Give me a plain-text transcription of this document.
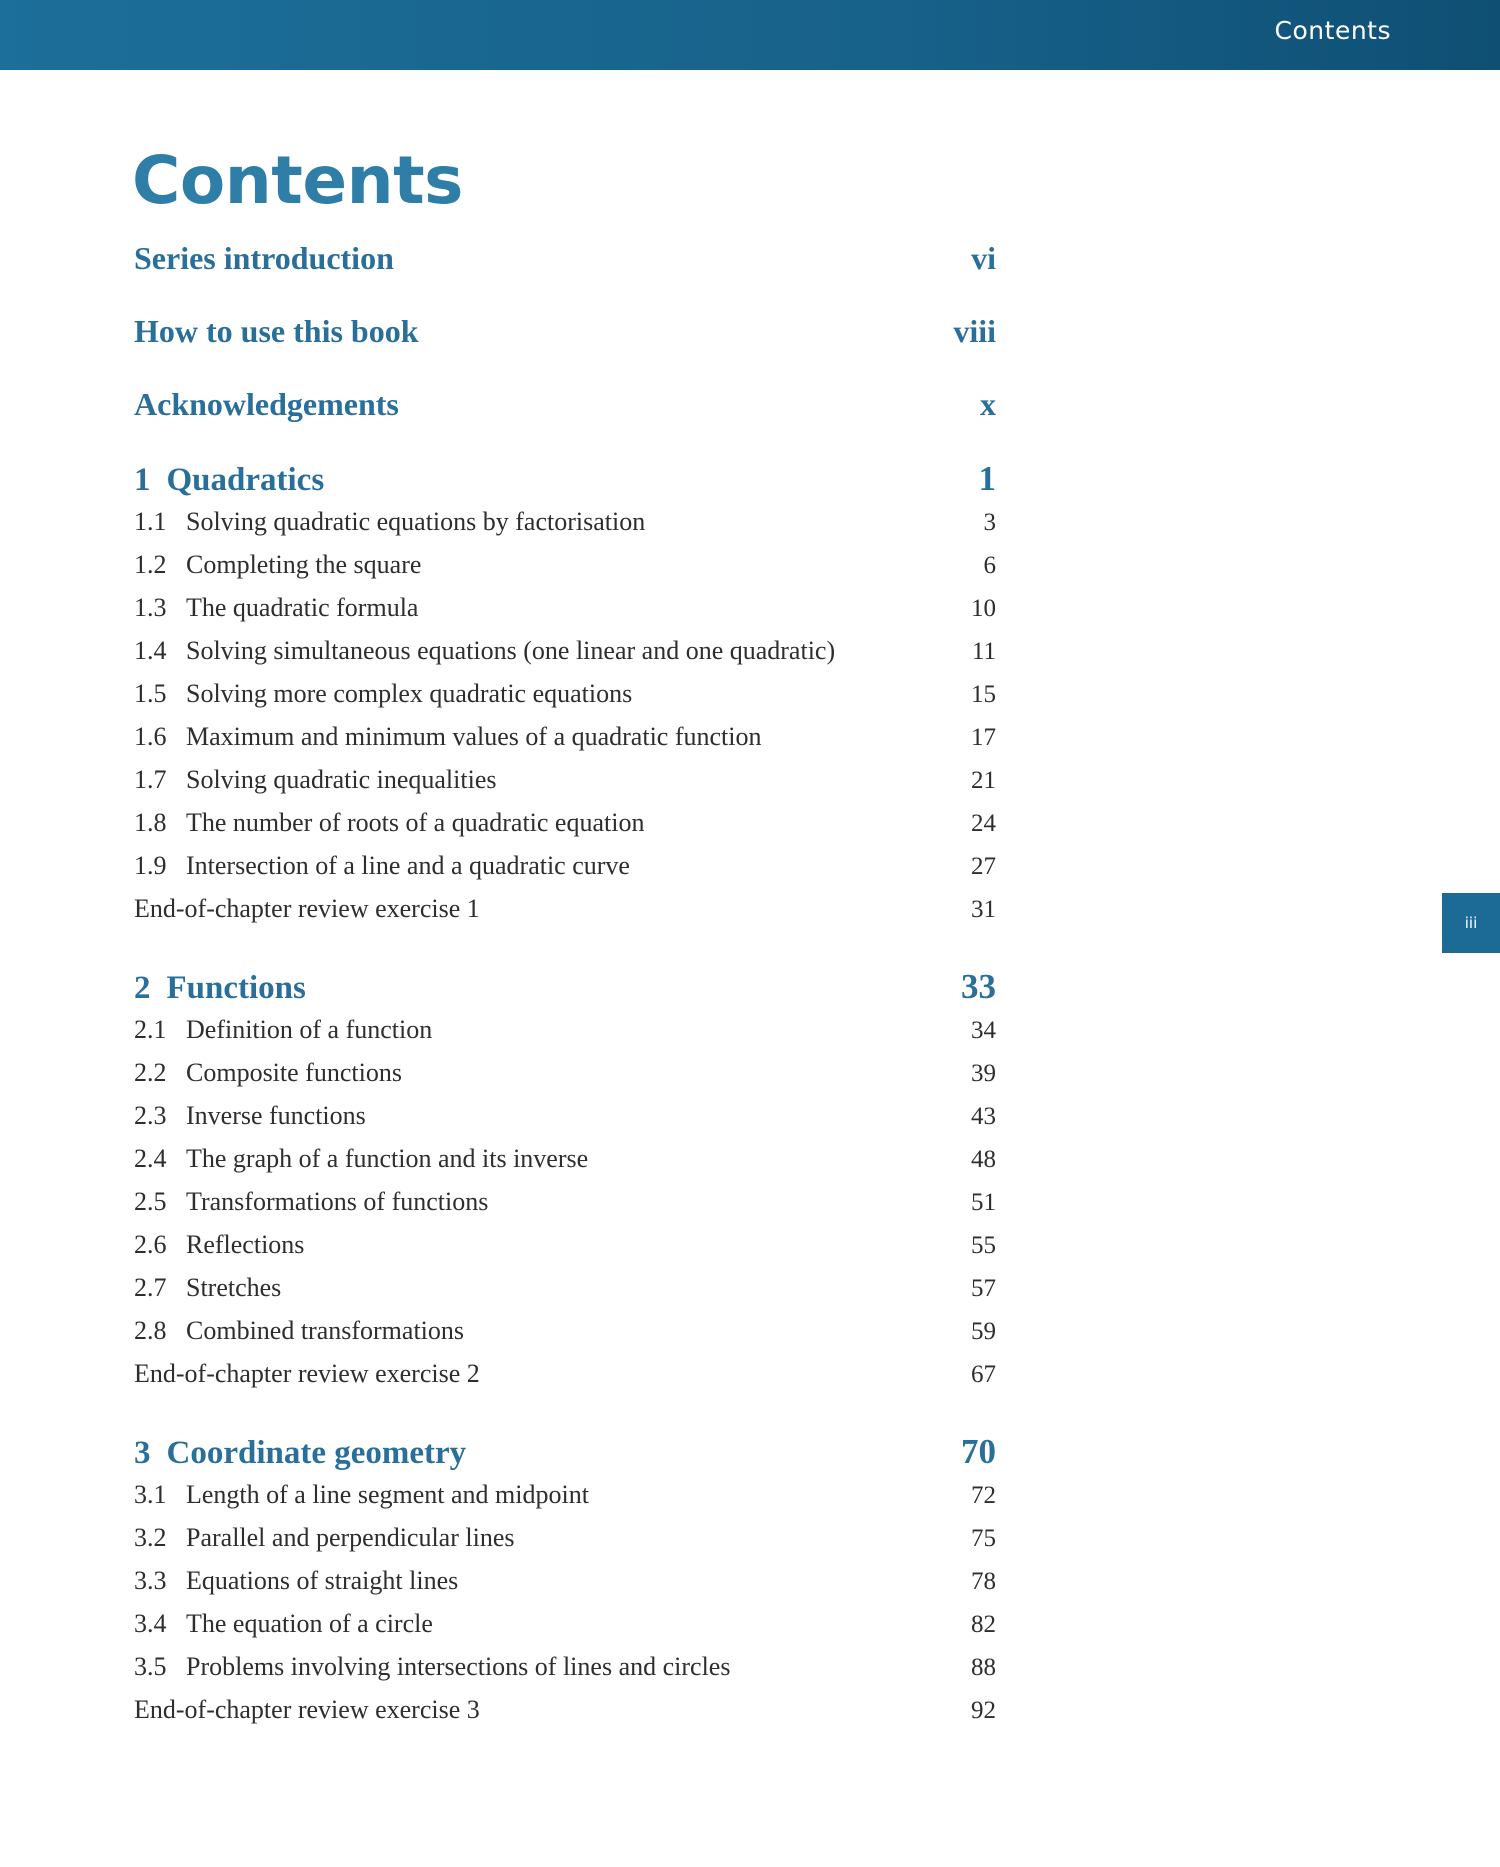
Contents
iii
Contents
Series introduction	vi
How to use this book	viii
Acknowledgements	x
1 Quadratics	1
1.1 Solving quadratic equations by factorisation	3
1.2 Completing the square	6
1.3 The quadratic formula	10
1.4 Solving simultaneous equations (one linear and one quadratic)	11
1.5 Solving more complex quadratic equations	15
1.6 Maximum and minimum values of a quadratic function	17
1.7 Solving quadratic inequalities	21
1.8 The number of roots of a quadratic equation	24
1.9 Intersection of a line and a quadratic curve	27
End-of-chapter review exercise 1	31
2 Functions	33
2.1 Definition of a function	34
2.2 Composite functions	39
2.3 Inverse functions	43
2.4 The graph of a function and its inverse	48
2.5 Transformations of functions	51
2.6 Reflections	55
2.7 Stretches	57
2.8 Combined transformations	59
End-of-chapter review exercise 2	67
3 Coordinate geometry	70
3.1 Length of a line segment and midpoint	72
3.2 Parallel and perpendicular lines	75
3.3 Equations of straight lines	78
3.4 The equation of a circle	82
3.5 Problems involving intersections of lines and circles	88
End-of-chapter review exercise 3	92
